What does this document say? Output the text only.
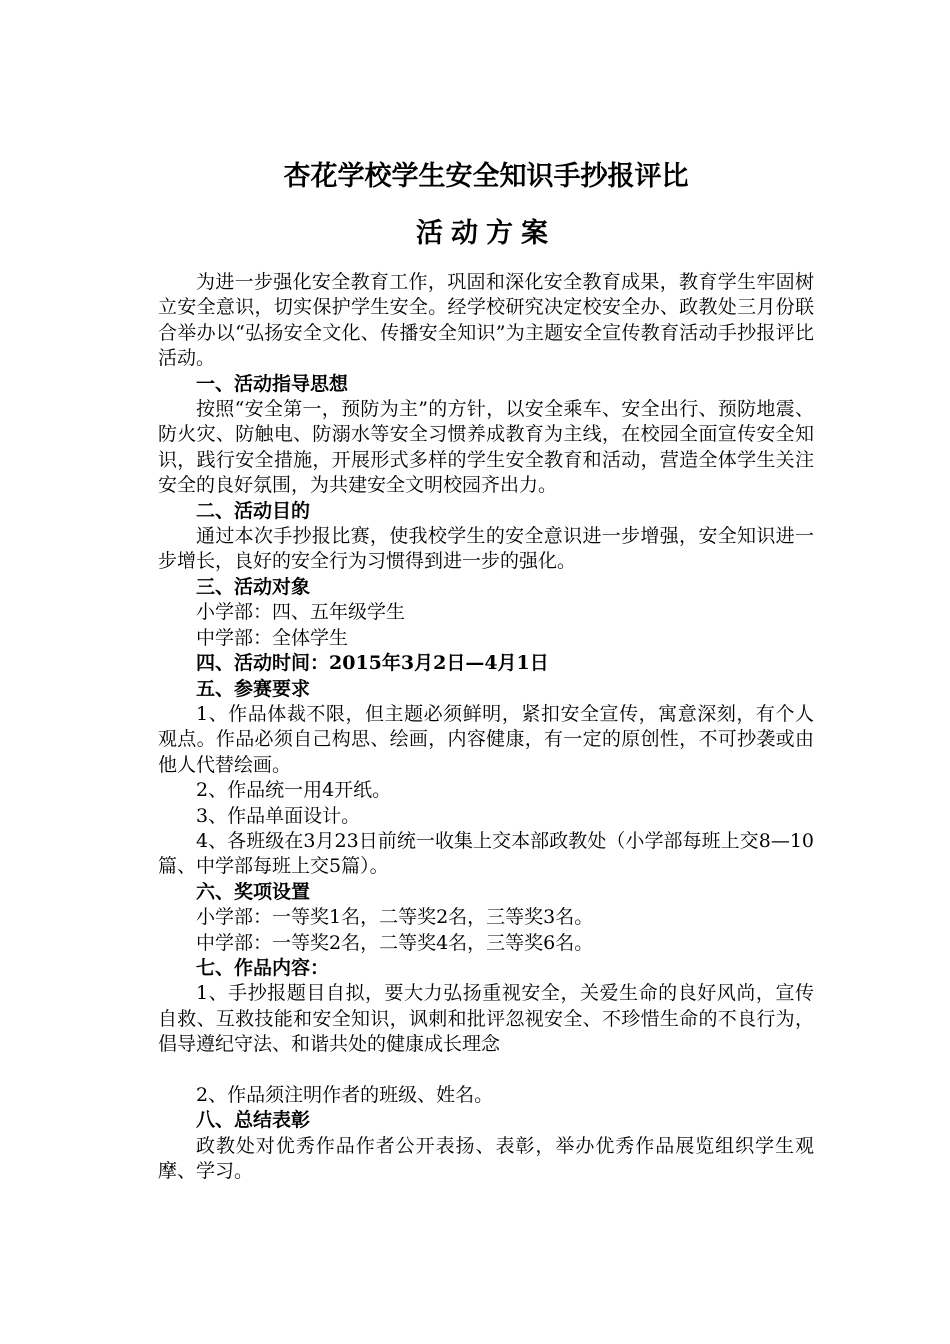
杏花学校学生安全知识手抄报评比
活动方案

为进一步强化安全教育工作，巩固和深化安全教育成果，教育学生牢固树立安全意识，切实保护学生安全。经学校研究决定校安全办、政教处三月份联合举办以“弘扬安全文化、传播安全知识”为主题安全宣传教育活动手抄报评比活动。

一、活动指导思想

按照“安全第一，预防为主”的方针，以安全乘车、安全出行、预防地震、防火灾、防触电、防溺水等安全习惯养成教育为主线，在校园全面宣传安全知识，践行安全措施，开展形式多样的学生安全教育和活动，营造全体学生关注安全的良好氛围，为共建安全文明校园齐出力。

二、活动目的

通过本次手抄报比赛，使我校学生的安全意识进一步增强，安全知识进一步增长，良好的安全行为习惯得到进一步的强化。

三、活动对象

小学部：四、五年级学生

中学部：全体学生

四、活动时间：2015年3月2日—4月1日

五、参赛要求

1、作品体裁不限，但主题必须鲜明，紧扣安全宣传，寓意深刻，有个人观点。作品必须自己构思、绘画，内容健康，有一定的原创性，不可抄袭或由他人代替绘画。

2、作品统一用4开纸。

3、作品单面设计。

4、各班级在3月23日前统一收集上交本部政教处（小学部每班上交8—10篇、中学部每班上交5篇）。

六、奖项设置

小学部：一等奖1名，二等奖2名，三等奖3名。

中学部：一等奖2名，二等奖4名，三等奖6名。

七、作品内容：

1、手抄报题目自拟，要大力弘扬重视安全，关爱生命的良好风尚，宣传自救、互救技能和安全知识，讽刺和批评忽视安全、不珍惜生命的不良行为，倡导遵纪守法、和谐共处的健康成长理念

2、作品须注明作者的班级、姓名。

八、总结表彰

政教处对优秀作品作者公开表扬、表彰，举办优秀作品展览组织学生观摩、学习。
